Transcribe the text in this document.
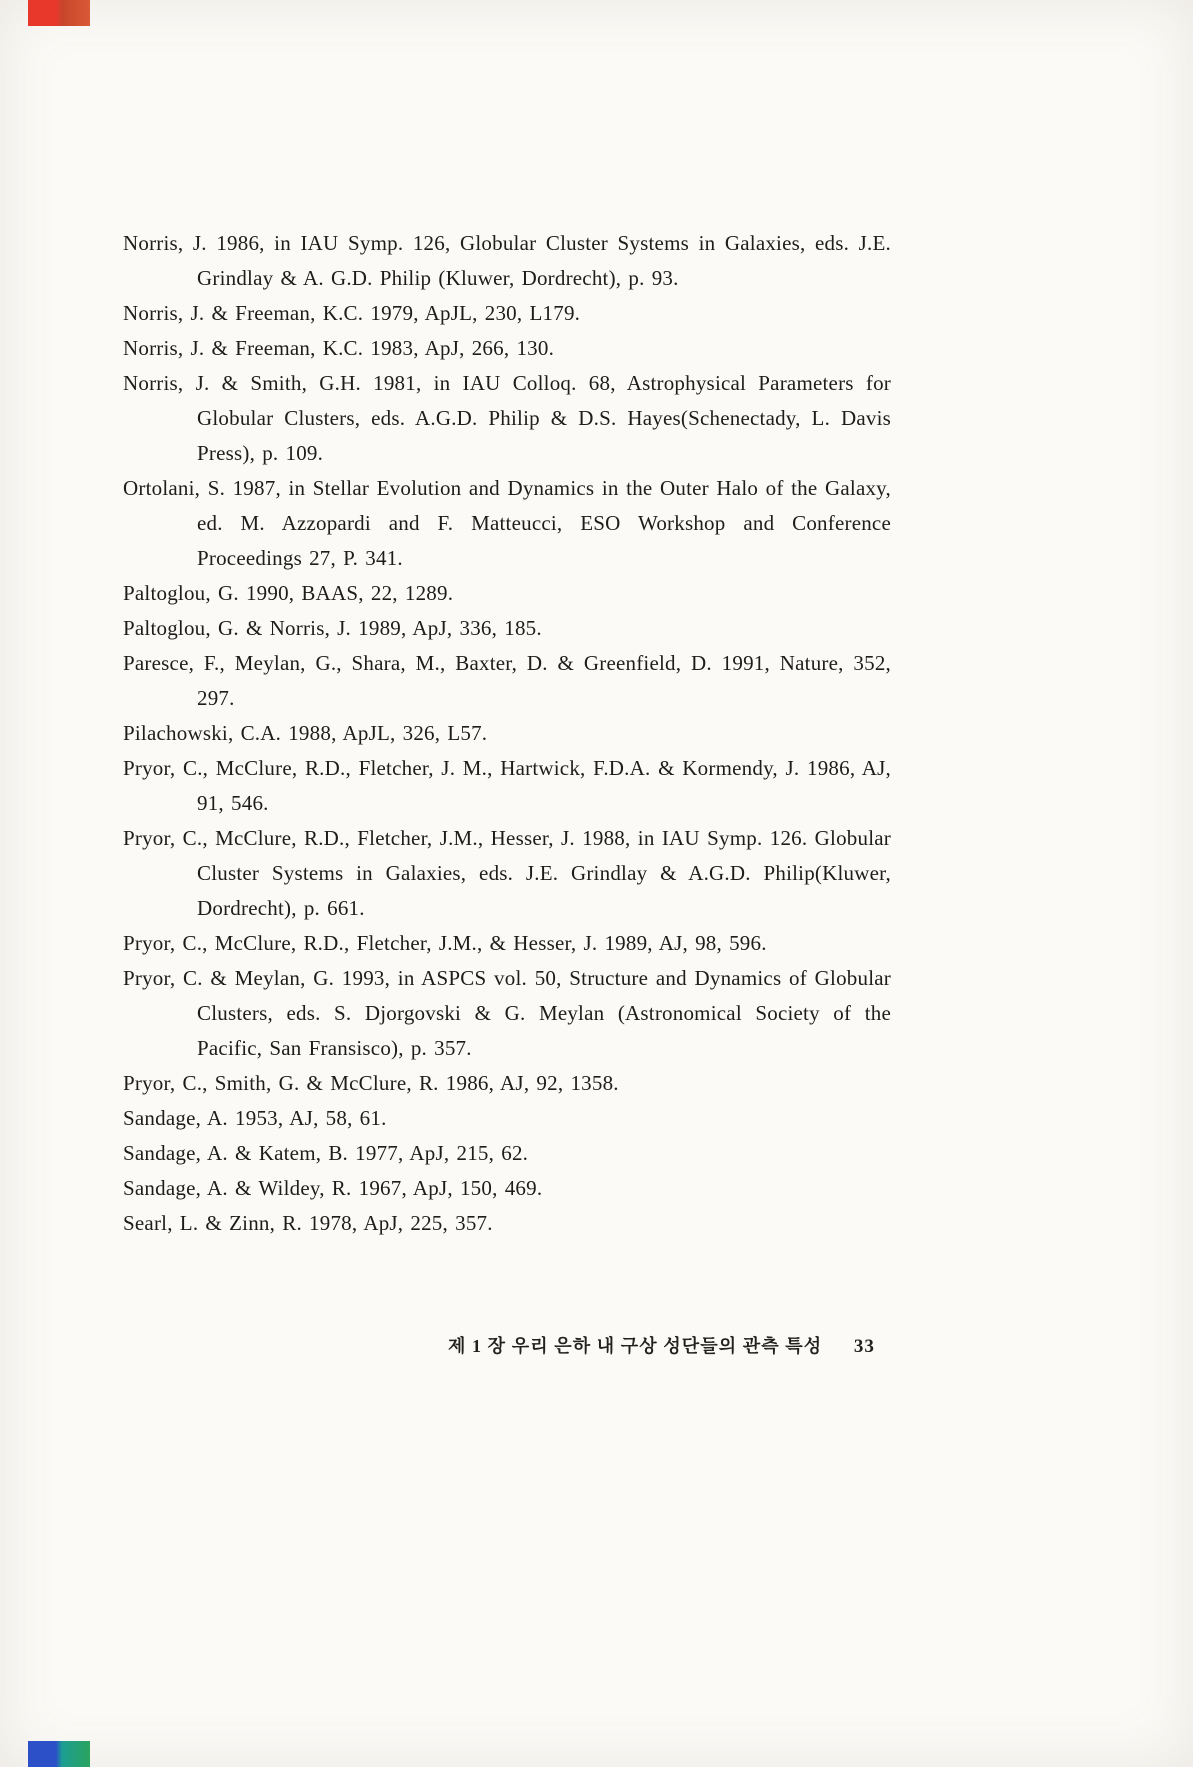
Norris, J. 1986, in IAU Symp. 126, Globular Cluster Systems in Galaxies, eds. J.E. Grindlay & A. G.D. Philip (Kluwer, Dordrecht), p. 93.

Norris, J. & Freeman, K.C. 1979, ApJL, 230, L179.

Norris, J. & Freeman, K.C. 1983, ApJ, 266, 130.

Norris, J. & Smith, G.H. 1981, in IAU Colloq. 68, Astrophysical Parameters for Globular Clusters, eds. A.G.D. Philip & D.S. Hayes(Schenectady, L. Davis Press), p. 109.

Ortolani, S. 1987, in Stellar Evolution and Dynamics in the Outer Halo of the Galaxy, ed. M. Azzopardi and F. Matteucci, ESO Workshop and Conference Proceedings 27, P. 341.

Paltoglou, G. 1990, BAAS, 22, 1289.

Paltoglou, G. & Norris, J. 1989, ApJ, 336, 185.

Paresce, F., Meylan, G., Shara, M., Baxter, D. & Greenfield, D. 1991, Nature, 352, 297.

Pilachowski, C.A. 1988, ApJL, 326, L57.

Pryor, C., McClure, R.D., Fletcher, J. M., Hartwick, F.D.A. & Kormendy, J. 1986, AJ, 91, 546.

Pryor, C., McClure, R.D., Fletcher, J.M., Hesser, J. 1988, in IAU Symp. 126. Globular Cluster Systems in Galaxies, eds. J.E. Grindlay & A.G.D. Philip(Kluwer, Dordrecht), p. 661.

Pryor, C., McClure, R.D., Fletcher, J.M., & Hesser, J. 1989, AJ, 98, 596.

Pryor, C. & Meylan, G. 1993, in ASPCS vol. 50, Structure and Dynamics of Globular Clusters, eds. S. Djorgovski & G. Meylan (Astronomical Society of the Pacific, San Fransisco), p. 357.

Pryor, C., Smith, G. & McClure, R. 1986, AJ, 92, 1358.

Sandage, A. 1953, AJ, 58, 61.

Sandage, A. & Katem, B. 1977, ApJ, 215, 62.

Sandage, A. & Wildey, R. 1967, ApJ, 150, 469.

Searl, L. & Zinn, R. 1978, ApJ, 225, 357.

제 1 장 우리 은하 내 구상 성단들의 관측 특성 33
